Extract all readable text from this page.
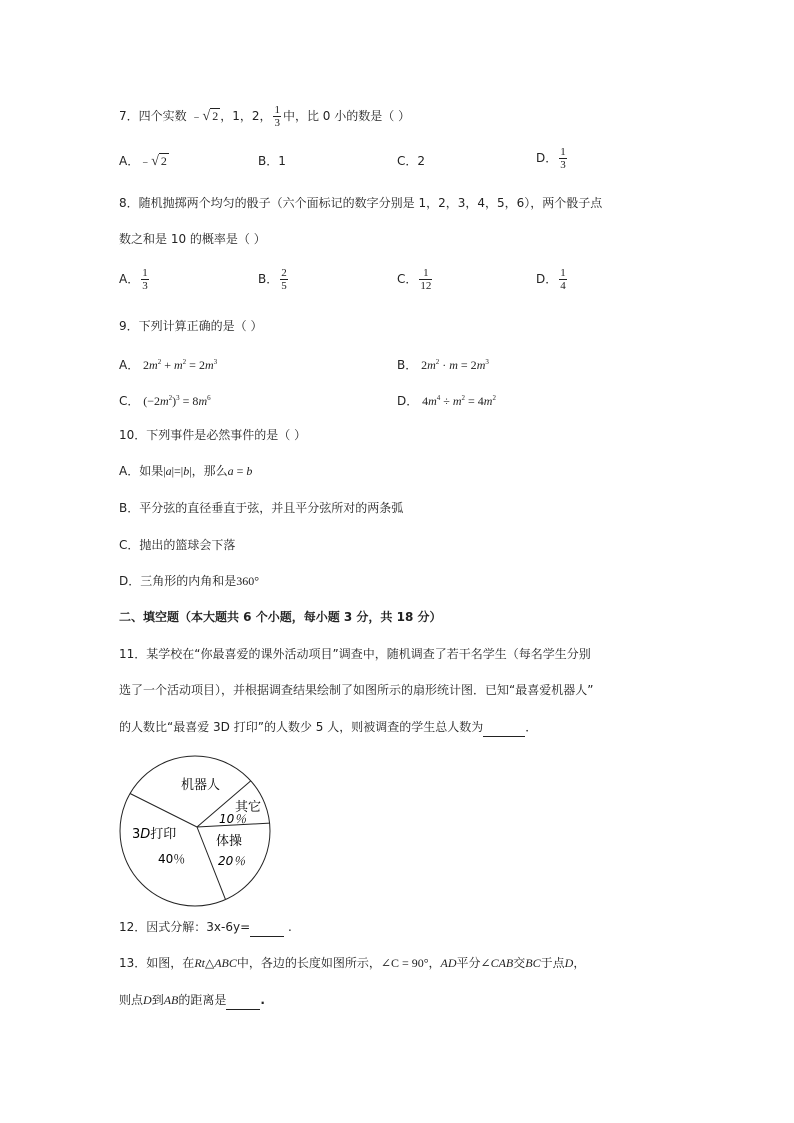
7．四个实数 ﹣√ 2 ，1，2， $\frac{1}{3}$ 中，比 0 小的数是（ ）
A．﹣√ 2	B．1	C．2	D． $\frac{1}{3}$
8．随机抛掷两个均匀的骰子（六个面标记的数字分别是 1，2，3，4，5，6），两个骰子点
数之和是 10 的概率是（ ）
A． $\frac{1}{3}$	B． $\frac{2}{5}$	C． $\frac{1}{12}$	D． $\frac{1}{4}$
9．下列计算正确的是（ ）
A． $2m^2 + m^2 = 2m^3$	B． $2m^2 \cdot m = 2m^3$
C． $(-2m^2)^3 = 8m^6$	D． $4m^4 \div m^2 = 4m^2$
10．下列事件是必然事件的是（ ）
A．如果|a|=|b|，那么a = b
B．平分弦的直径垂直于弦，并且平分弦所对的两条弧
C．抛出的篮球会下落
D．三角形的内角和是360°
二、填空题（本大题共 6 个小题，每小题 3 分，共 18 分）
11．某学校在“你最喜爱的课外活动项目”调查中，随机调查了若干名学生（每名学生分别
选了一个活动项目），并根据调查结果绘制了如图所示的扇形统计图．已知“最喜爱机器人”
的人数比“最喜爱 3D 打印”的人数少 5 人，则被调查的学生总人数为	．
机器人
其它
10％
体操
20％
3D打印
40％
12．因式分解：3x-6y=	.
13．如图，在Rt△ABC中，各边的长度如图所示，∠C = 90°，AD平分∠CAB交BC于点D，
则点D到AB的距离是	.
